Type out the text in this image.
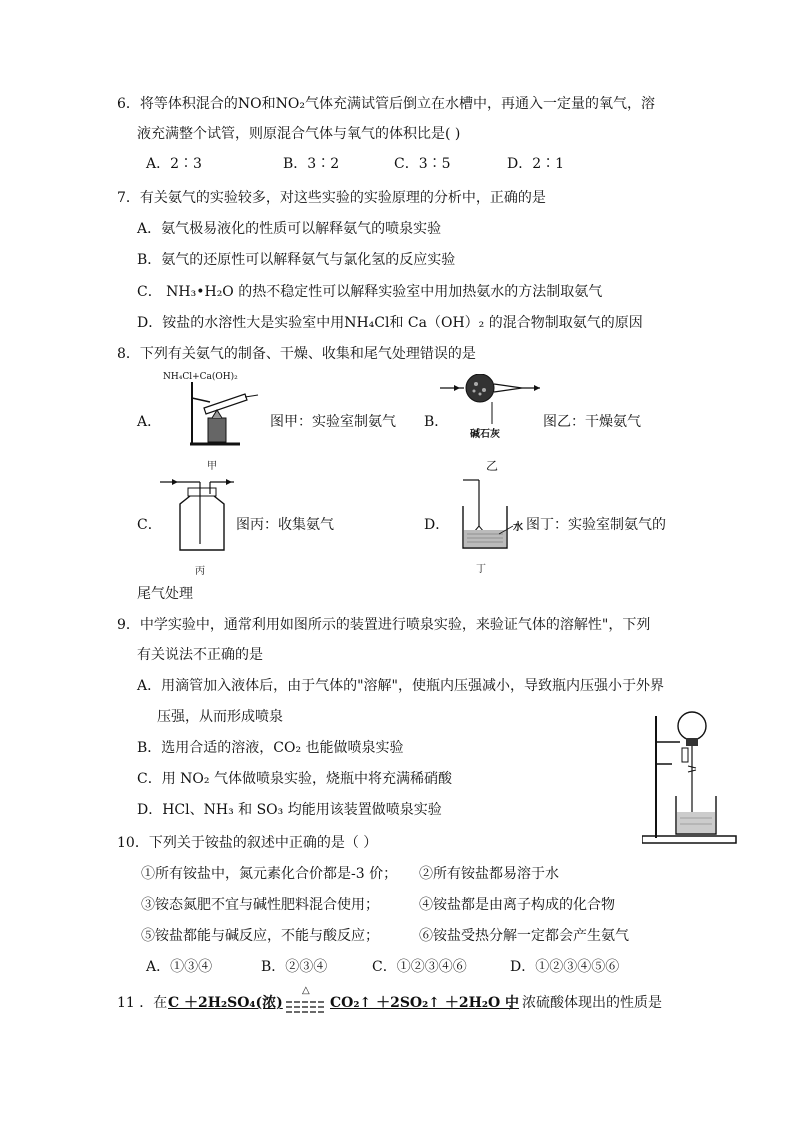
6．将等体积混合的NO和NO₂气体充满试管后倒立在水槽中，再通入一定量的氧气，溶
液充满整个试管，则原混合气体与氧气的体积比是( )
A．2∶3	B．3∶2	C．3∶5	D．2∶1
7．有关氨气的实验较多，对这些实验的实验原理的分析中，正确的是
A．氨气极易液化的性质可以解释氨气的喷泉实验
B．氨气的还原性可以解释氨气与氯化氢的反应实验
C． NH₃•H₂O 的热不稳定性可以解释实验室中用加热氨水的方法制取氨气
D．铵盐的水溶性大是实验室中用NH₄Cl和 Ca（OH）₂ 的混合物制取氨气的原因
8．下列有关氨气的制备、干燥、收集和尾气处理错误的是
NH₄Cl+Ca(OH)₂
甲
A．	图甲：实验室制氨气
碱石灰
乙
B．	图乙：干燥氨气
丙
C．	图丙：收集氨气	水
丁
D．	图丁：实验室制氨气的
尾气处理
9．中学实验中，通常利用如图所示的装置进行喷泉实验，来验证气体的溶解性"，下列
有关说法不正确的是
A．用滴管加入液体后，由于气体的"溶解"，使瓶内压强减小，导致瓶内压强小于外界
压强，从而形成喷泉
B．选用合适的溶液，CO₂ 也能做喷泉实验
C．用 NO₂ 气体做喷泉实验，烧瓶中将充满稀硝酸
D．HCl、NH₃ 和 SO₃ 均能用该装置做喷泉实验
10．下列关于铵盐的叙述中正确的是（ ）
①所有铵盐中，氮元素化合价都是-3 价； ②所有铵盐都易溶于水
③铵态氮肥不宜与碱性肥料混合使用；	④铵盐都是由离子构成的化合物
⑤铵盐都能与碱反应，不能与酸反应；	⑥铵盐受热分解一定都会产生氨气
A．①③④	B．②③④	C．①②③④⑥	D．①②③④⑤⑥
11 ．在 C ＋2H₂SO₄(浓)
△
CO₂↑ ＋2SO₂↑ ＋2H₂O 中
，浓硫酸体现出的性质是
